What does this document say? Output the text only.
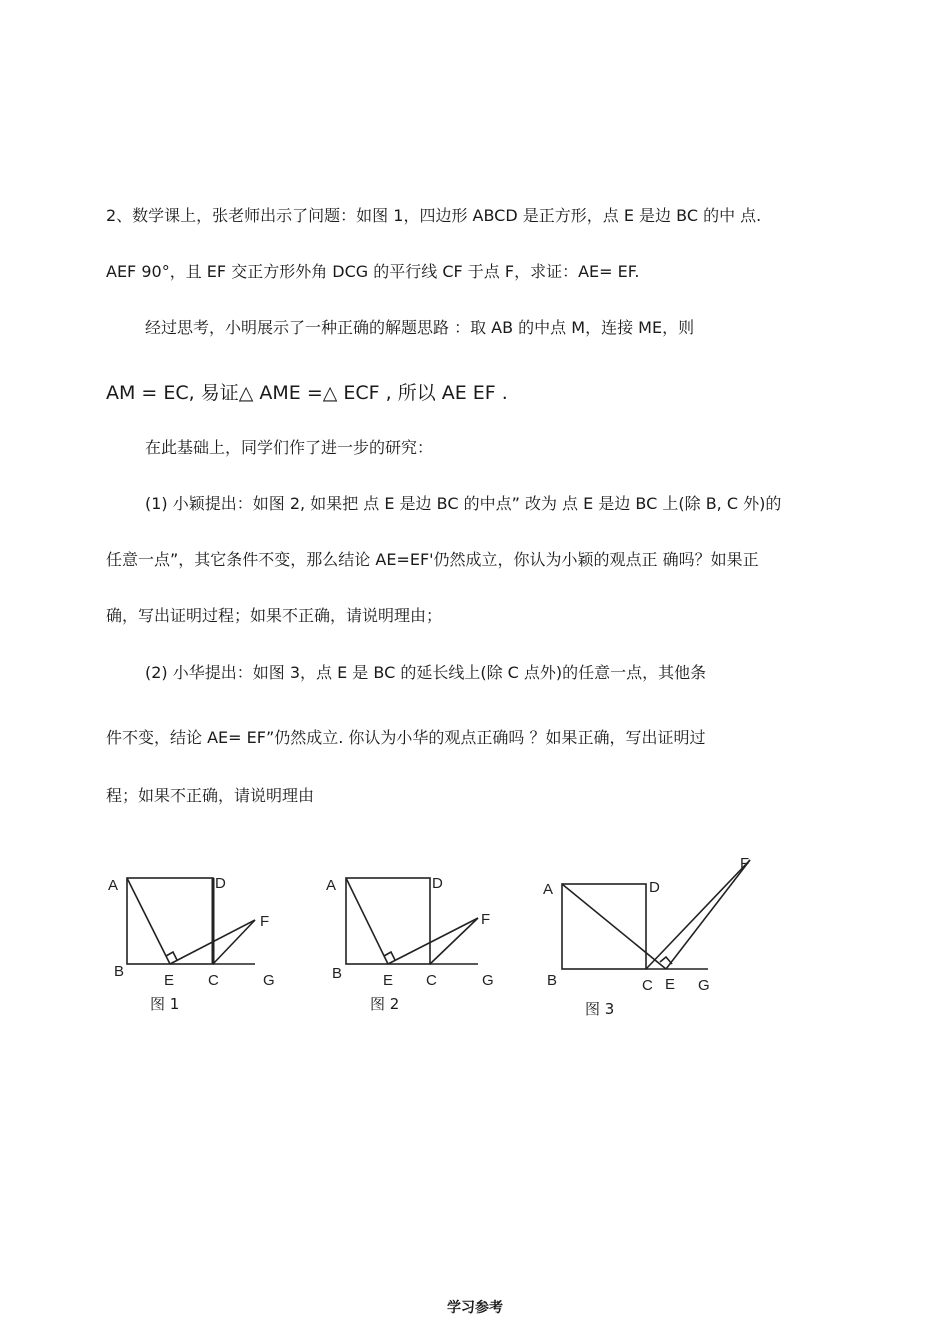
2、数学课上，张老师出示了问题：如图 1，四边形 ABCD 是正方形，点 E 是边 BC 的中 点.
AEF 90°，且 EF 交正方形外角 DCG 的平行线 CF 于点 F，求证：AE= EF.
经过思考，小明展示了一种正确的解题思路 ：取 AB 的中点 M，连接 ME，则
AM = EC, 易证△ AME =△ ECF , 所以 AE EF .
在此基础上，同学们作了进一步的研究：
(1) 小颖提出：如图 2, 如果把 点 E 是边 BC 的中点” 改为 点 E 是边 BC 上(除 B, C 外)的
任意一点”，其它条件不变，那么结论 AE=EF'仍然成立，你认为小颖的观点正 确吗？如果正
确，写出证明过程；如果不正确，请说明理由；
(2) 小华提出：如图 3，点 E 是 BC 的延长线上(除 C 点外)的任意一点，其他条
件不变，结论 AE= EF”仍然成立. 你认为小华的观点正确吗 ？如果正确，写出证明过
程；如果不正确，请说明理由
A	D
F
B
E C	G
A	D
F
B	E C	G
A	D
F
B	C E G
图 1	图 2	图 3
学习参考
